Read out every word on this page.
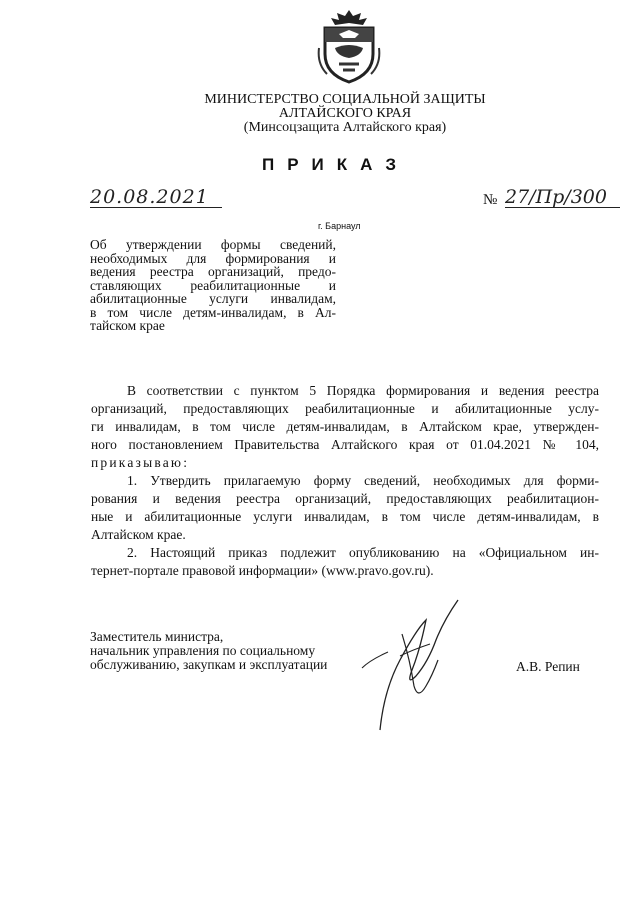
МИНИСТЕРСТВО СОЦИАЛЬНОЙ ЗАЩИТЫ
АЛТАЙСКОГО КРАЯ
(Минсоцзащита Алтайского края)
ПРИКАЗ
20.08.2021	№ 27/Пр/300
г. Барнаул
Об утверждении формы сведений,
необходимых для формирования и
ведения реестра организаций, предо-
ставляющих реабилитационные и
абилитационные услуги инвалидам,
в том числе детям-инвалидам, в Ал-
тайском крае
В соответствии с пунктом 5 Порядка формирования и ведения реестра
организаций, предоставляющих реабилитационные и абилитационные услу-
ги инвалидам, в том числе детям-инвалидам, в Алтайском крае, утвержден-
ного постановлением Правительства Алтайского края от 01.04.2021 № 104,
приказываю:
1. Утвердить прилагаемую форму сведений, необходимых для форми-
рования и ведения реестра организаций, предоставляющих реабилитацион-
ные и абилитационные услуги инвалидам, в том числе детям-инвалидам, в
Алтайском крае.
2. Настоящий приказ подлежит опубликованию на «Официальном ин-
тернет-портале правовой информации» (www.pravo.gov.ru).
Заместитель министра,
начальник управления по социальному
обслуживанию, закупкам и эксплуатации	А.В. Репин
